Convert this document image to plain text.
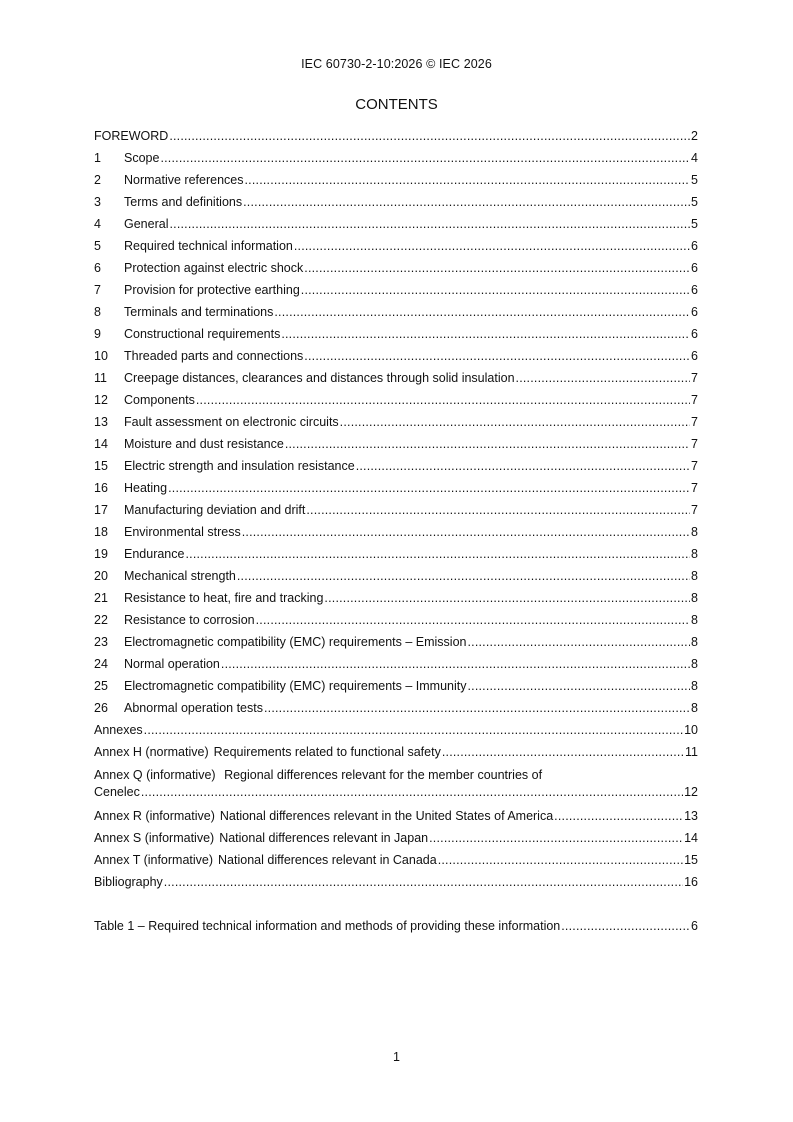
IEC 60730-2-10:2026 © IEC 2026
CONTENTS
FOREWORD .....	2
1	Scope .....	4
2	Normative references .....	5
3	Terms and definitions .....	5
4	General .....	5
5	Required technical information .....	6
6	Protection against electric shock .....	6
7	Provision for protective earthing .....	6
8	Terminals and terminations .....	6
9	Constructional requirements .....	6
10	Threaded parts and connections .....	6
11	Creepage distances, clearances and distances through solid insulation .....	7
12	Components .....	7
13	Fault assessment on electronic circuits .....	7
14	Moisture and dust resistance .....	7
15	Electric strength and insulation resistance .....	7
16	Heating .....	7
17	Manufacturing deviation and drift .....	7
18	Environmental stress .....	8
19	Endurance .....	8
20	Mechanical strength .....	8
21	Resistance to heat, fire and tracking .....	8
22	Resistance to corrosion .....	8
23	Electromagnetic compatibility (EMC) requirements – Emission .....	8
24	Normal operation .....	8
25	Electromagnetic compatibility (EMC) requirements – Immunity .....	8
26	Abnormal operation tests .....	8
Annexes .....	10
Annex H (normative) Requirements related to functional safety .....	11
Annex Q (informative) Regional differences relevant for the member countries of
Cenelec .....	12
Annex R (informative) National differences relevant in the United States of America .....	13
Annex S (informative) National differences relevant in Japan .....	14
Annex T (informative) National differences relevant in Canada .....	15
Bibliography .....	16
Table 1 – Required technical information and methods of providing these information .....	6
1
